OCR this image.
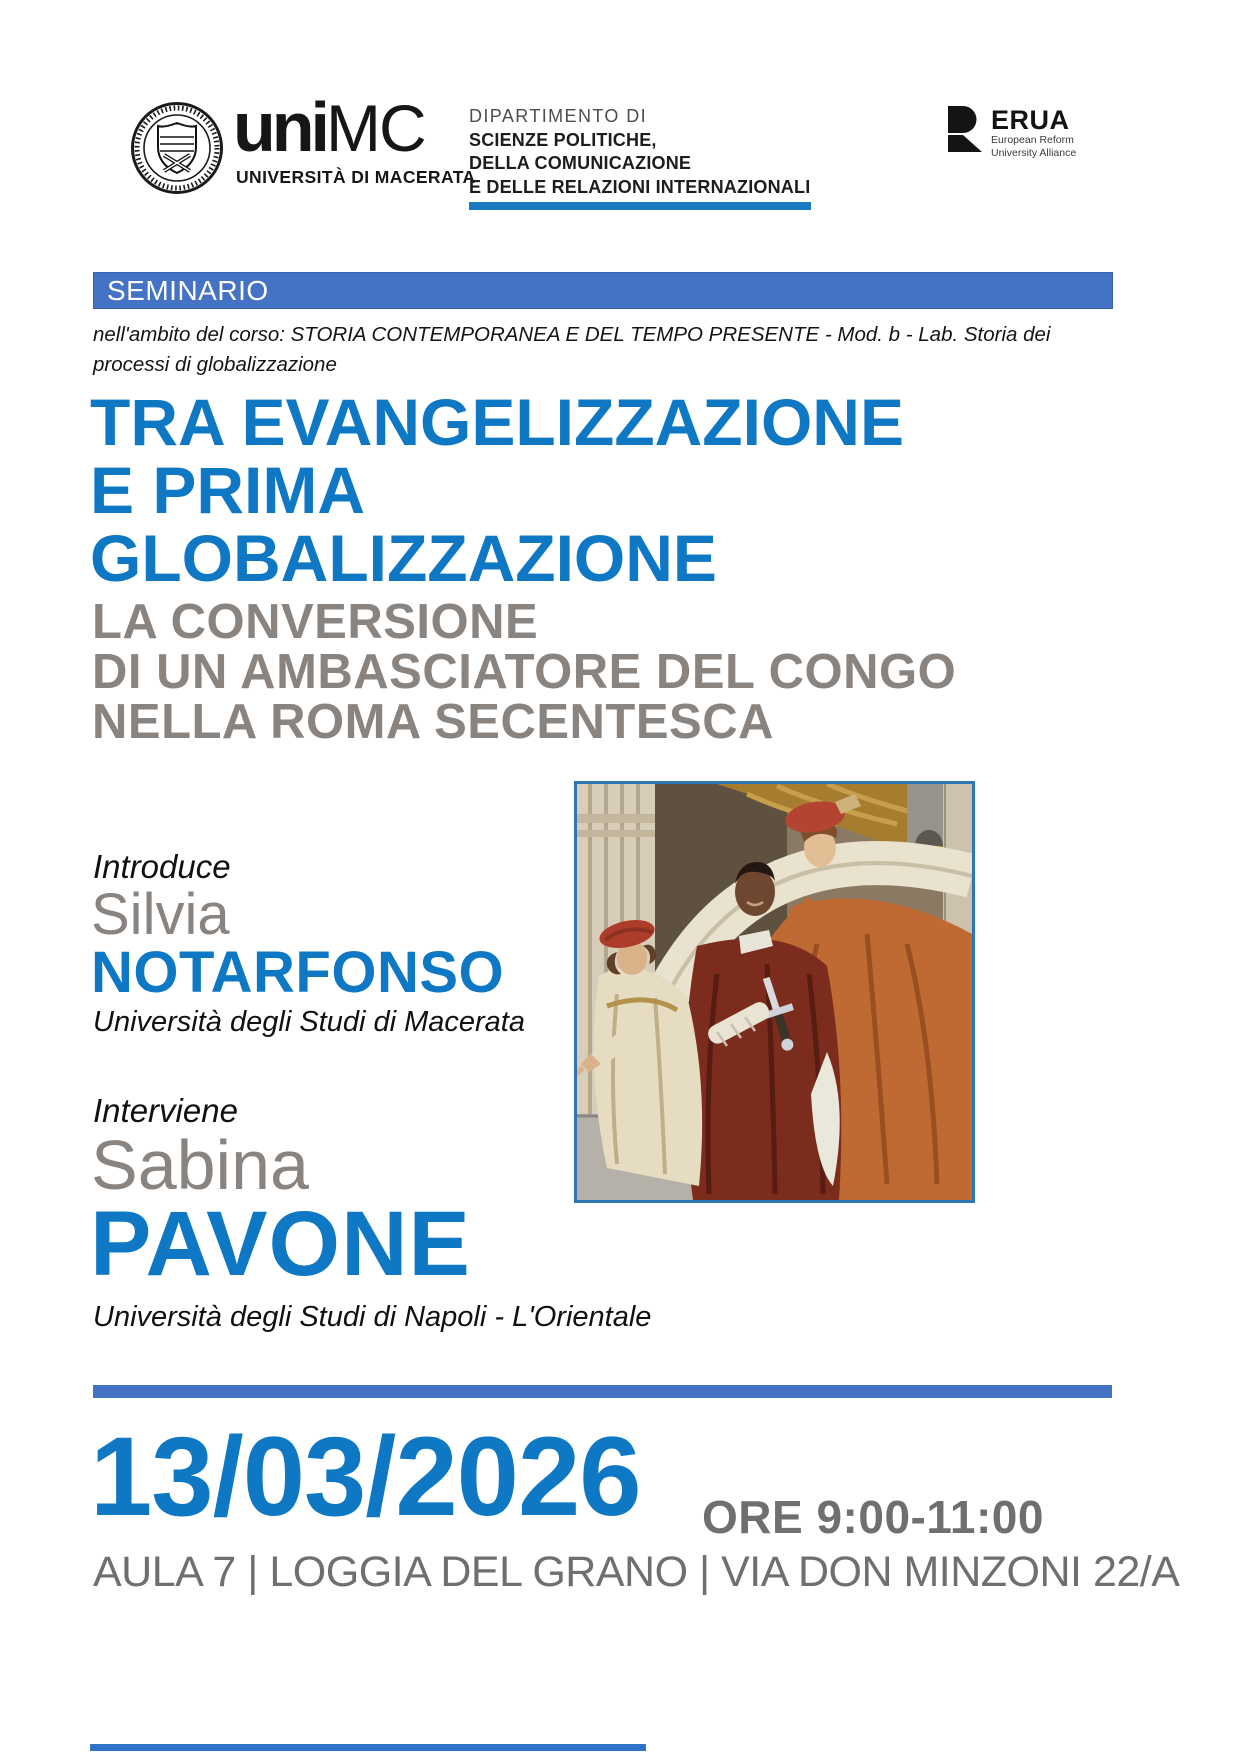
uniMC
UNIVERSITÀ DI MACERATA
DIPARTIMENTO DI
SCIENZE POLITICHE,
DELLA COMUNICAZIONE
E DELLE RELAZIONI INTERNAZIONALI
ERUA
European Reform
University Alliance
SEMINARIO
nell'ambito del corso: STORIA CONTEMPORANEA E DEL TEMPO PRESENTE - Mod. b - Lab. Storia dei
processi di globalizzazione
TRA EVANGELIZZAZIONE
E PRIMA
GLOBALIZZAZIONE
LA CONVERSIONE
DI UN AMBASCIATORE DEL CONGO
NELLA ROMA SECENTESCA
Introduce
Silvia
NOTARFONSO
Università degli Studi di Macerata
Interviene
Sabina
PAVONE
Università degli Studi di Napoli - L'Orientale
13/03/2026 ORE 9:00-11:00
AULA 7 | LOGGIA DEL GRANO | VIA DON MINZONI 22/A
